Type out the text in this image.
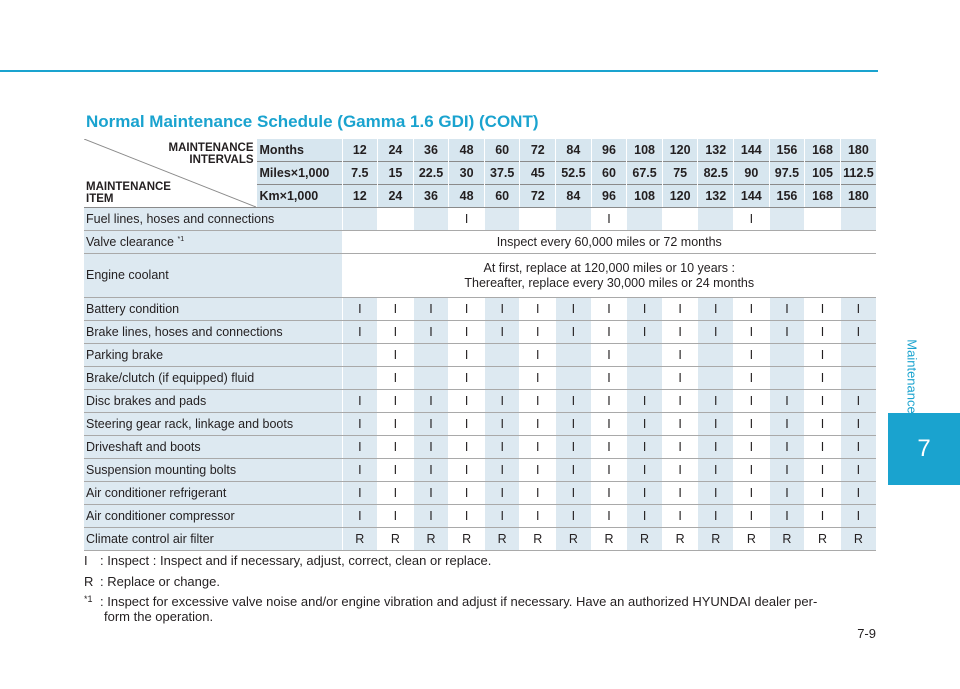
Maintenance
7
Normal Maintenance Schedule (Gamma 1.6 GDI) (CONT)
MAINTENANCE INTERVALS
MAINTENANCE ITEM	Months	12	24	36	48	60	72	84	96	108	120	132	144	156	168	180
	Miles×1,000	7.5	15	22.5	30	37.5	45	52.5	60	67.5	75	82.5	90	97.5	105	112.5
	Km×1,000	12	24	36	48	60	72	84	96	108	120	132	144	156	168	180
Fuel lines, hoses and connections					I				I				I			
Valve clearance $^{*1}$		Inspect every 60,000 miles or 72 months														
Engine coolant		At first, replace at 120,000 miles or 10 years :
Thereafter, replace every 30,000 miles or 24 months														

Battery condition		I	I	I	I	I	I	I	I	I	I	I	I	I	I	I
Brake lines, hoses and connections		I	I	I	I	I	I	I	I	I	I	I	I	I	I	I
Parking brake			I		I		I		I		I		I		I	
Brake/clutch (if equipped) fluid			I		I		I		I		I		I		I	
Disc brakes and pads		I	I	I	I	I	I	I	I	I	I	I	I	I	I	I
Steering gear rack, linkage and boots		I	I	I	I	I	I	I	I	I	I	I	I	I	I	I
Driveshaft and boots		I	I	I	I	I	I	I	I	I	I	I	I	I	I	I
Suspension mounting bolts		I	I	I	I	I	I	I	I	I	I	I	I	I	I	I
Air conditioner refrigerant		I	I	I	I	I	I	I	I	I	I	I	I	I	I	I
Air conditioner compressor		I	I	I	I	I	I	I	I	I	I	I	I	I	I	I
Climate control air filter		R	R	R	R	R	R	R	R	R	R	R	R	R	R	R
I : Inspect : Inspect and if necessary, adjust, correct, clean or replace.
R : Replace or change.
*1 : Inspect for excessive valve noise and/or engine vibration and adjust if necessary. Have an authorized HYUNDAI dealer per-
form the operation.
7-9
